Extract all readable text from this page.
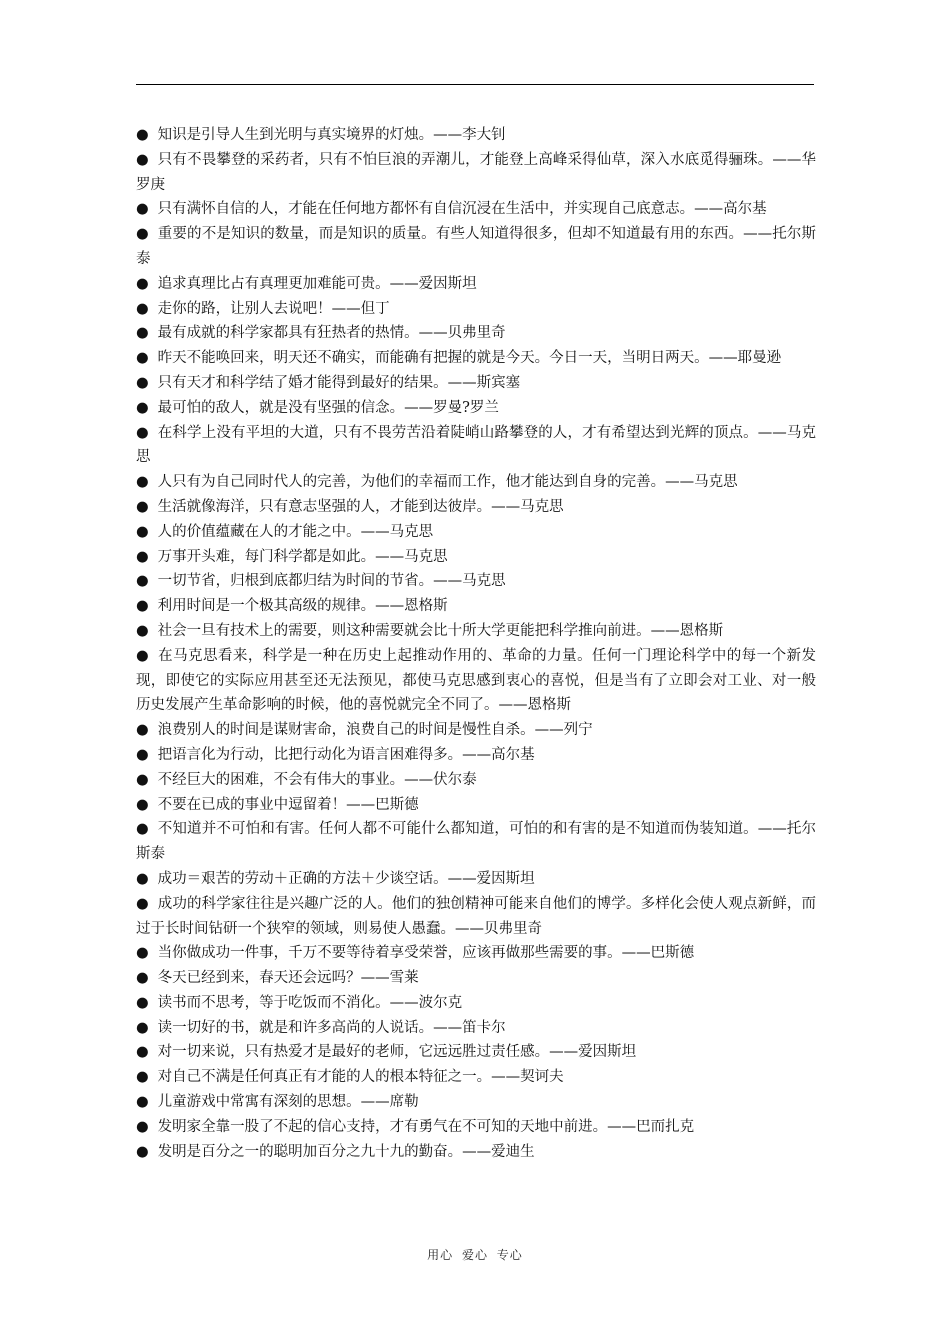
● 知识是引导人生到光明与真实境界的灯烛。——李大钊
● 只有不畏攀登的采药者，只有不怕巨浪的弄潮儿，才能登上高峰采得仙草，深入水底觅得骊珠。——华罗庚
● 只有满怀自信的人，才能在任何地方都怀有自信沉浸在生活中，并实现自己底意志。——高尔基
● 重要的不是知识的数量，而是知识的质量。有些人知道得很多，但却不知道最有用的东西。——托尔斯泰
● 追求真理比占有真理更加难能可贵。——爱因斯坦
● 走你的路，让别人去说吧！——但丁
● 最有成就的科学家都具有狂热者的热情。——贝弗里奇
● 昨天不能唤回来，明天还不确实，而能确有把握的就是今天。今日一天，当明日两天。——耶曼逊
● 只有天才和科学结了婚才能得到最好的结果。——斯宾塞
● 最可怕的敌人，就是没有坚强的信念。——罗曼?罗兰
● 在科学上没有平坦的大道，只有不畏劳苦沿着陡峭山路攀登的人，才有希望达到光辉的顶点。——马克思
● 人只有为自己同时代人的完善，为他们的幸福而工作，他才能达到自身的完善。——马克思
● 生活就像海洋，只有意志坚强的人，才能到达彼岸。——马克思
● 人的价值蕴藏在人的才能之中。——马克思
● 万事开头难，每门科学都是如此。——马克思
● 一切节省，归根到底都归结为时间的节省。——马克思
● 利用时间是一个极其高级的规律。——恩格斯
● 社会一旦有技术上的需要，则这种需要就会比十所大学更能把科学推向前进。——恩格斯
● 在马克思看来，科学是一种在历史上起推动作用的、革命的力量。任何一门理论科学中的每一个新发现，即使它的实际应用甚至还无法预见，都使马克思感到衷心的喜悦，但是当有了立即会对工业、对一般历史发展产生革命影响的时候，他的喜悦就完全不同了。——恩格斯
● 浪费别人的时间是谋财害命，浪费自己的时间是慢性自杀。——列宁
● 把语言化为行动，比把行动化为语言困难得多。——高尔基
● 不经巨大的困难，不会有伟大的事业。——伏尔泰
● 不要在已成的事业中逗留着！——巴斯德
● 不知道并不可怕和有害。任何人都不可能什么都知道，可怕的和有害的是不知道而伪装知道。——托尔斯泰
● 成功＝艰苦的劳动＋正确的方法＋少谈空话。——爱因斯坦
● 成功的科学家往往是兴趣广泛的人。他们的独创精神可能来自他们的博学。多样化会使人观点新鲜，而过于长时间钻研一个狭窄的领域，则易使人愚蠢。——贝弗里奇
● 当你做成功一件事，千万不要等待着享受荣誉，应该再做那些需要的事。——巴斯德
● 冬天已经到来，春天还会远吗？——雪莱
● 读书而不思考，等于吃饭而不消化。——波尔克
● 读一切好的书，就是和许多高尚的人说话。——笛卡尔
● 对一切来说，只有热爱才是最好的老师，它远远胜过责任感。——爱因斯坦
● 对自己不满是任何真正有才能的人的根本特征之一。——契诃夫
● 儿童游戏中常寓有深刻的思想。——席勒
● 发明家全靠一股了不起的信心支持，才有勇气在不可知的天地中前进。——巴而扎克
● 发明是百分之一的聪明加百分之九十九的勤奋。——爱迪生
用心 爱心 专心
